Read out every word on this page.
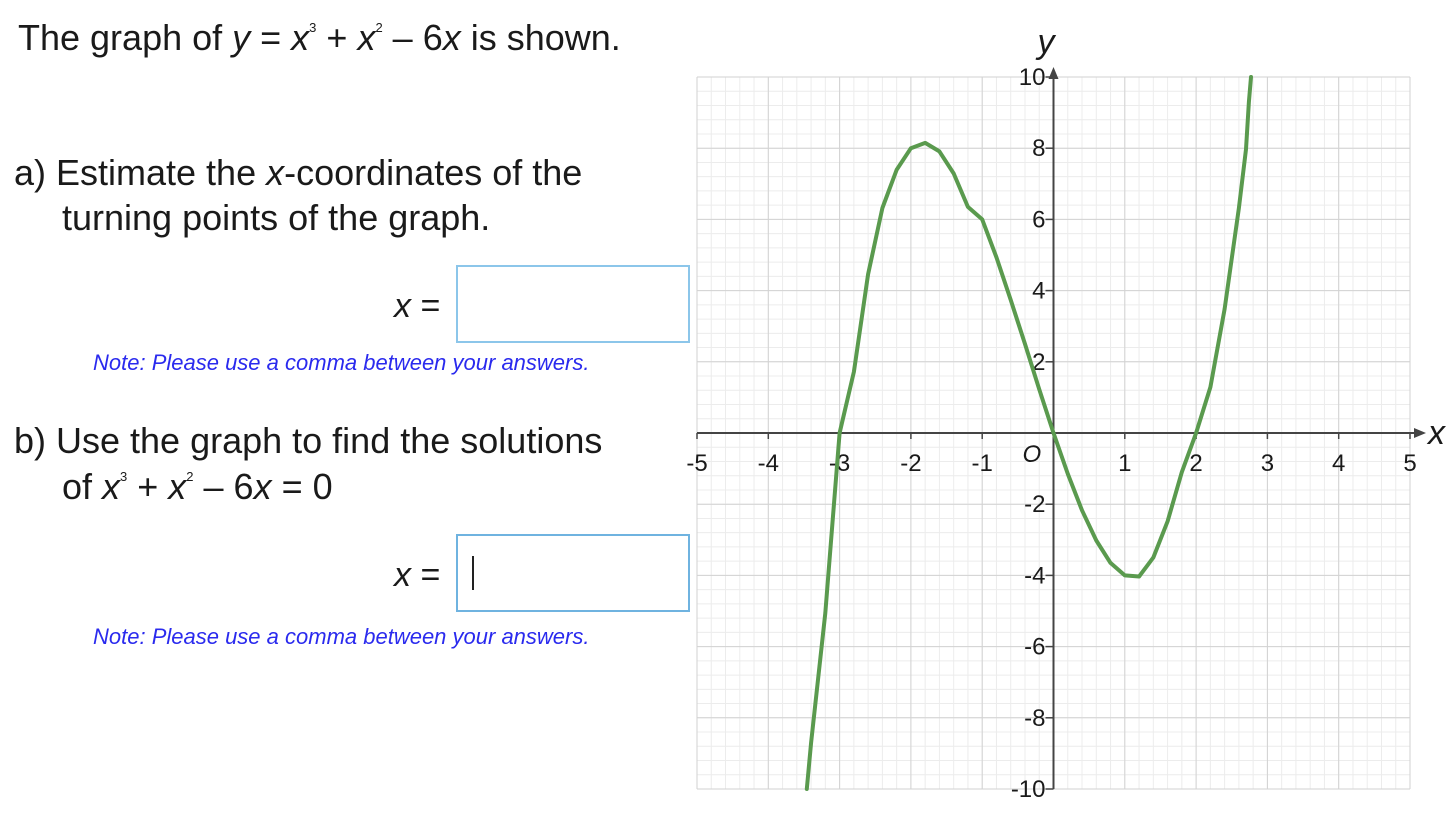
The graph of $y = x^3 + x^2 - 6x$ is shown.
a) Estimate the x-coordinates of the
turning points of the graph.
x =
Note: Please use a comma between your answers.
b) Use the graph to find the solutions
of $x^3 + x^2 - 6x = 0$
x =
Note: Please use a comma between your answers.
x
y
O
-5 -4 -3 -2 -1	1 2 3 4 5
-10
-8
-6
-4
-2
2
4
6
8
10
